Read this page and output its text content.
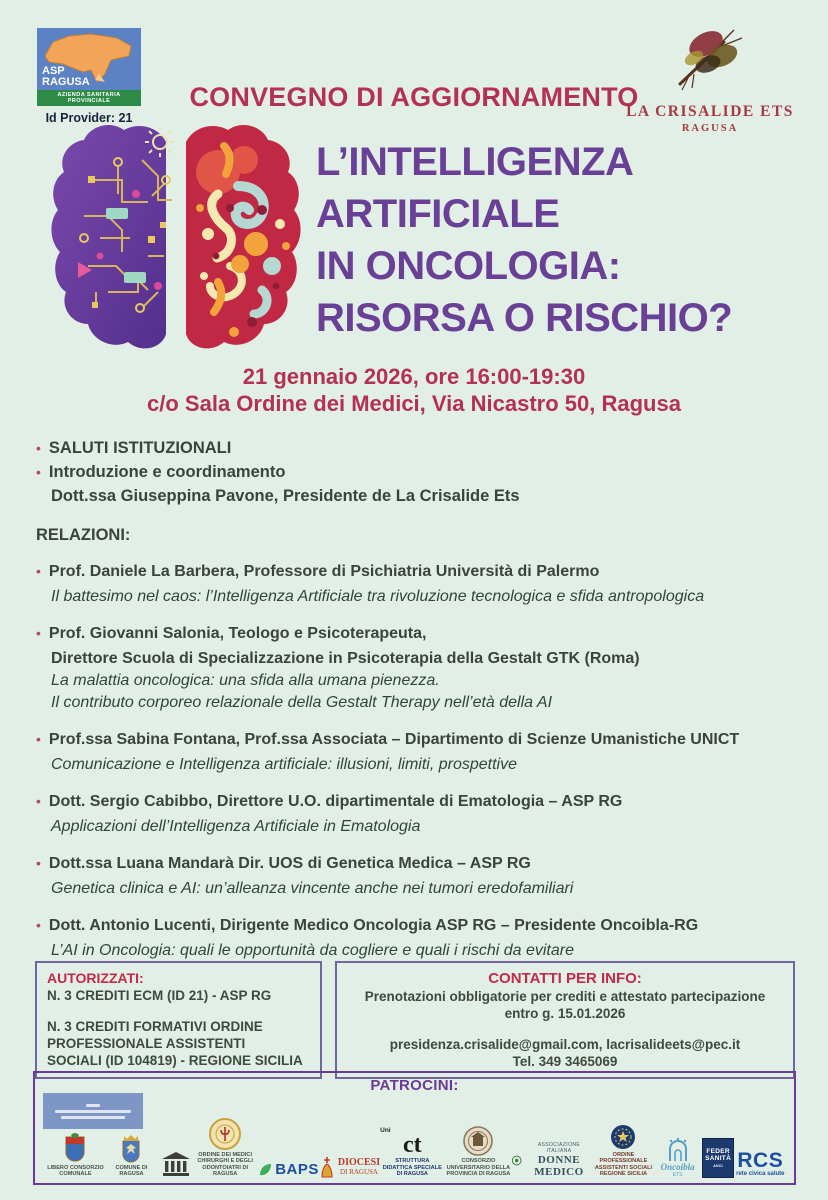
ASP
RAGUSA
AZIENDA SANITARIA PROVINCIALE
Id Provider: 21
CONVEGNO DI AGGIORNAMENTO
LA CRISALIDE ETS
RAGUSA
L’INTELLIGENZA
ARTIFICIALE
IN ONCOLOGIA:
RISORSA O RISCHIO?
21 gennaio 2026, ore 16:00-19:30
c/o Sala Ordine dei Medici, Via Nicastro 50, Ragusa
• SALUTI ISTITUZIONALI
• Introduzione e coordinamento
Dott.ssa Giuseppina Pavone, Presidente de La Crisalide Ets
RELAZIONI:
• Prof. Daniele La Barbera, Professore di Psichiatria Università di Palermo
Il battesimo nel caos: l’Intelligenza Artificiale tra rivoluzione tecnologica e sfida antropologica
• Prof. Giovanni Salonia, Teologo e Psicoterapeuta,
Direttore Scuola di Specializzazione in Psicoterapia della Gestalt GTK (Roma)
La malattia oncologica: una sfida alla umana pienezza.
Il contributo corporeo relazionale della Gestalt Therapy nell’età della AI
• Prof.ssa Sabina Fontana, Prof.ssa Associata – Dipartimento di Scienze Umanistiche UNICT
Comunicazione e Intelligenza artificiale: illusioni, limiti, prospettive
• Dott. Sergio Cabibbo, Direttore U.O. dipartimentale di Ematologia – ASP RG
Applicazioni dell’Intelligenza Artificiale in Ematologia
• Dott.ssa Luana Mandarà Dir. UOS di Genetica Medica – ASP RG
Genetica clinica e AI: un’alleanza vincente anche nei tumori eredofamiliari
• Dott. Antonio Lucenti, Dirigente Medico Oncologia ASP RG – Presidente Oncoibla-RG
L’AI in Oncologia: quali le opportunità da cogliere e quali i rischi da evitare
AUTORIZZATI:
N. 3 CREDITI ECM (ID 21) - ASP RG
N. 3 CREDITI FORMATIVI ORDINE
PROFESSIONALE ASSISTENTI
SOCIALI (ID 104819) - REGIONE SICILIA
CONTATTI PER INFO:
Prenotazioni obbligatorie per crediti e attestato partecipazione
entro g. 15.01.2026
presidenza.crisalide@gmail.com, lacrisalideets@pec.it
Tel. 349 3465069
PATROCINI:
LIBERO CONSORZIO COMUNALE
COMUNE DI RAGUSA
ORDINE DEI MEDICI CHIRURGHI E DEGLI ODONTOIATRI DI RAGUSA	BAPS DIOCESI
DI RAGUSA
Uni
ct
STRUTTURA DIDATTICA SPECIALE DI RAGUSA
CONSORZIO UNIVERSITARIO DELLA PROVINCIA DI RAGUSA
ASSOCIAZIONE ITALIANA
DONNE MEDICO
ORDINE PROFESSIONALE ASSISTENTI SOCIALI REGIONE SICILIA
Oncoibla
ETS
FEDER
SANITÀ
ANCI RCS
rete civica salute
